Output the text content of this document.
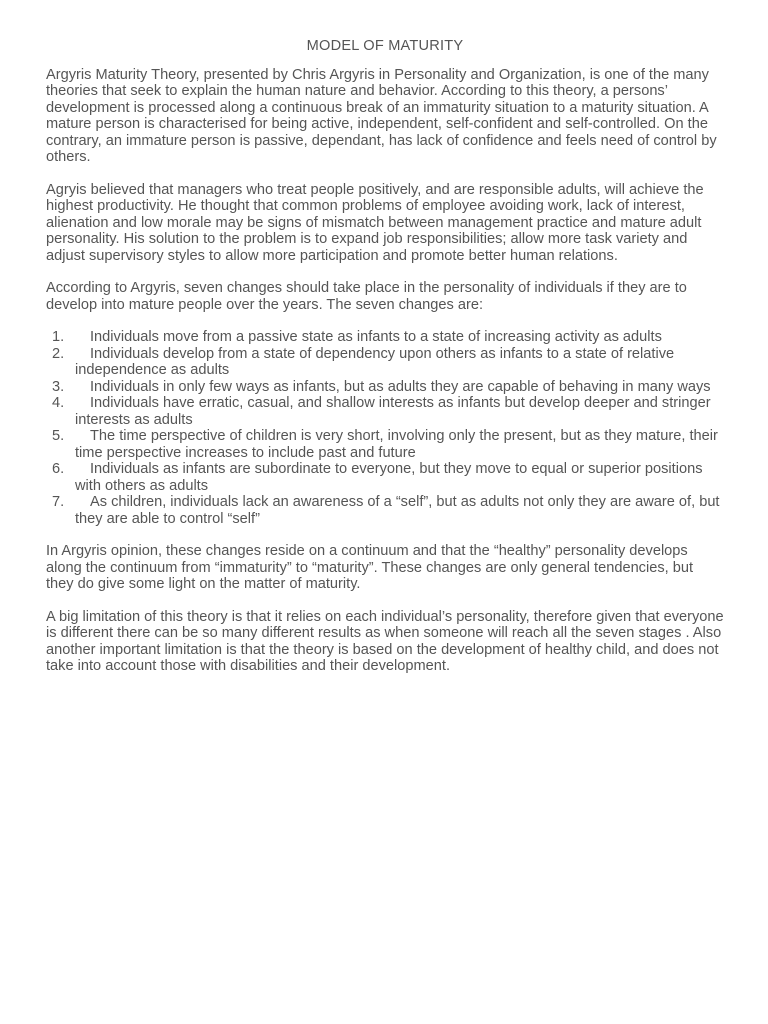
MODEL OF MATURITY

Argyris Maturity Theory, presented by Chris Argyris in Personality and Organization, is one of the many theories that seek to explain the human nature and behavior. According to this theory, a persons’ development is processed along a continuous break of an immaturity situation to a maturity situation. A mature person is characterised for being active, independent, self-confident and self-controlled. On the contrary, an immature person is passive, dependant, has lack of confidence and feels need of control by others.

Agryis believed that managers who treat people positively, and are responsible adults, will achieve the highest productivity. He thought that common problems of employee avoiding work, lack of interest, alienation and low morale may be signs of mismatch between management practice and mature adult personality. His solution to the problem is to expand job responsibilities; allow more task variety and adjust supervisory styles to allow more participation and promote better human relations.

According to Argyris, seven changes should take place in the personality of individuals if they are to develop into mature people over the years. The seven changes are:

1.	Individuals move from a passive state as infants to a state of increasing activity as adults
2.	Individuals develop from a state of dependency upon others as infants to a state of relative independence as adults
3.	Individuals in only few ways as infants, but as adults they are capable of behaving in many ways
4.	Individuals have erratic, casual, and shallow interests as infants but develop deeper and stringer interests as adults
5.	The time perspective of children is very short, involving only the present, but as they mature, their time perspective increases to include past and future
6.	Individuals as infants are subordinate to everyone, but they move to equal or superior positions with others as adults
7.	As children, individuals lack an awareness of a “self”, but as adults not only they are aware of, but they are able to control “self”

In Argyris opinion, these changes reside on a continuum and that the “healthy” personality develops along the continuum from “immaturity” to “maturity”. These changes are only general tendencies, but they do give some light on the matter of maturity.

A big limitation of this theory is that it relies on each individual’s personality, therefore given that everyone is different there can be so many different results as when someone will reach all the seven stages . Also another important limitation is that the theory is based on the development of healthy child, and does not take into account those with disabilities and their development.
